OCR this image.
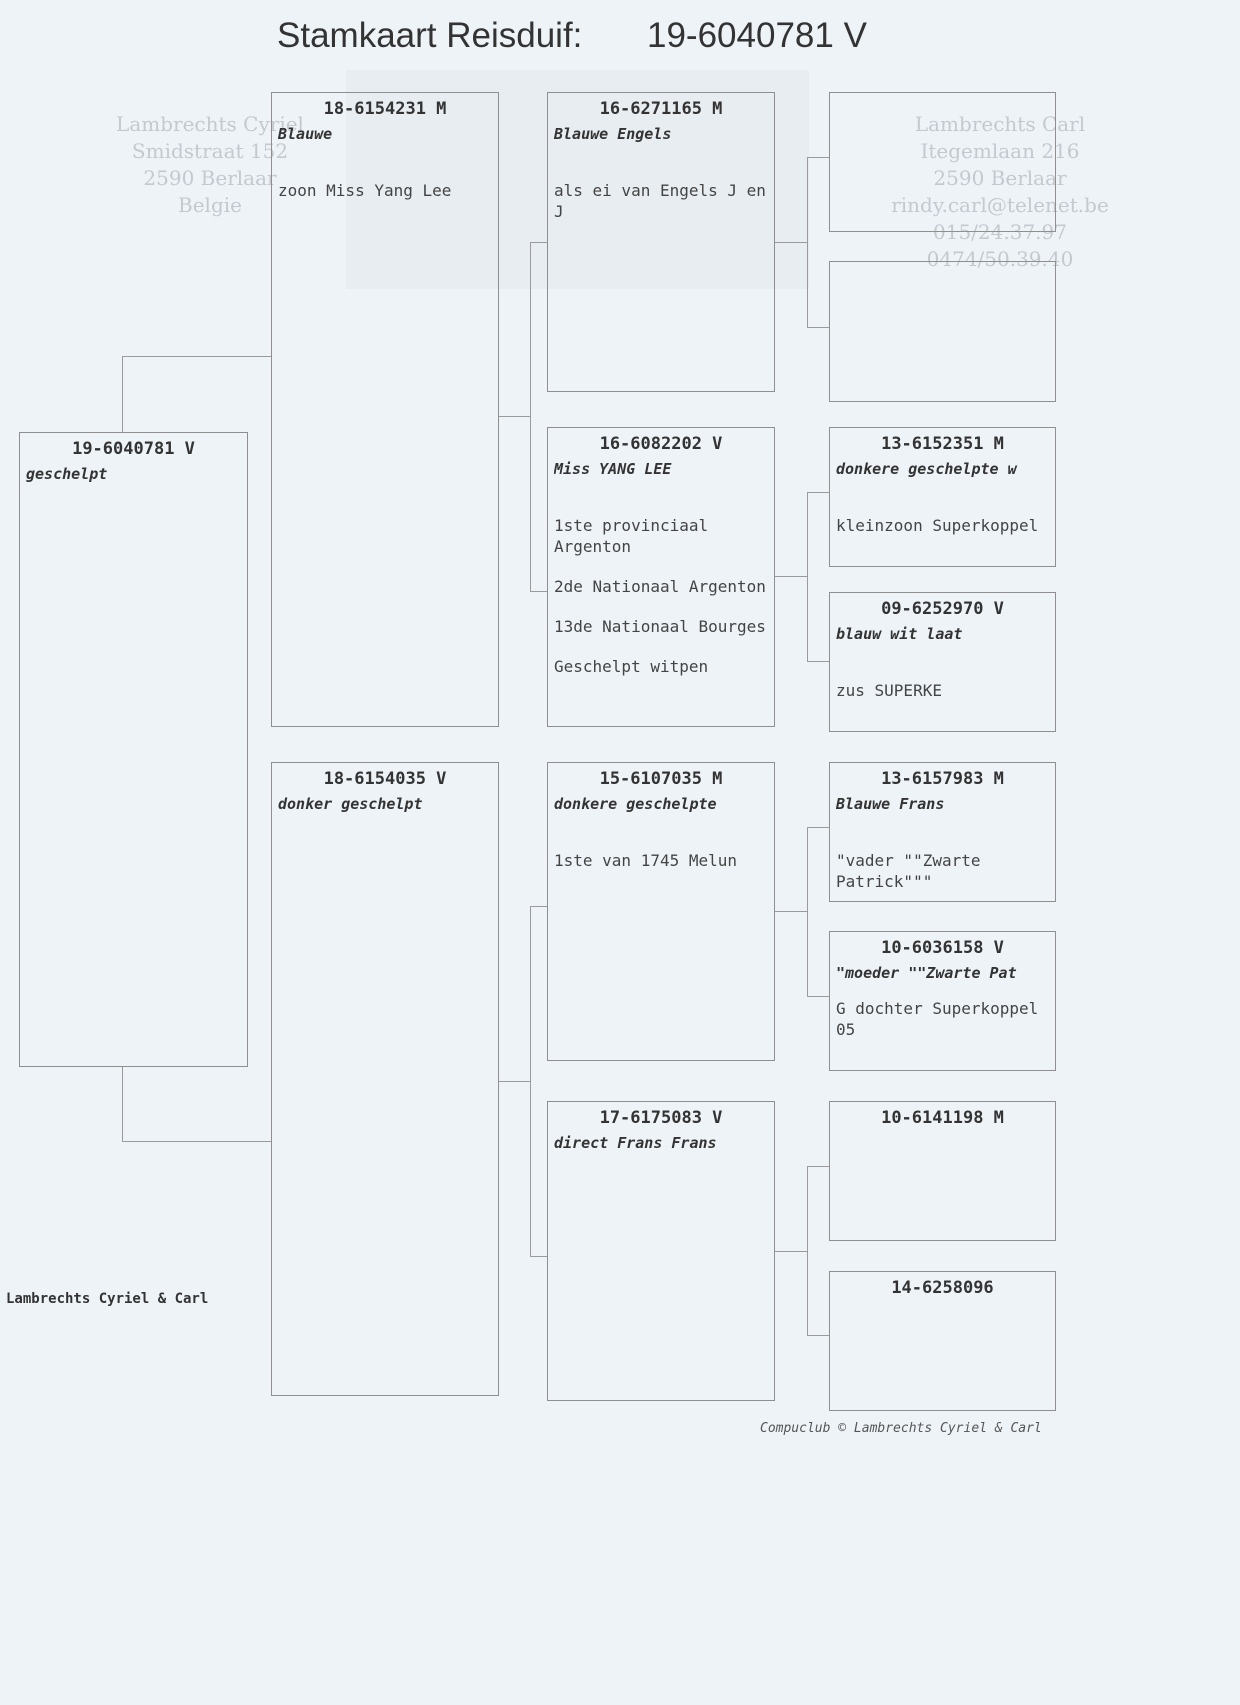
Lambrechts Cyriel
Smidstraat 152
2590 Berlaar
Belgie
Lambrechts Carl
Itegemlaan 216
2590 Berlaar
rindy.carl@telenet.be
015/24.37.97
0474/50.39.40
Stamkaart Reisduif: 19-6040781 V
19-6040781 V
geschelpt
18-6154231 M
Blauwe

zoon Miss Yang Lee

18-6154035 V
donker geschelpt
16-6271165 M
Blauwe Engels

als ei van Engels J en J

16-6082202 V
Miss YANG LEE

1ste provinciaal Argenton

2de Nationaal Argenton

13de Nationaal Bourges

Geschelpt witpen

15-6107035 M
donkere geschelpte

1ste van 1745 Melun

17-6175083 V
direct Frans Frans
13-6152351 M
donkere geschelpte w

kleinzoon Superkoppel

09-6252970 V
blauw wit laat

zus SUPERKE

13-6157983 M
Blauwe Frans

"vader ""Zwarte Patrick"""

10-6036158 V
"moeder ""Zwarte Pat

G dochter Superkoppel 05

10-6141198 M
14-6258096
Lambrechts Cyriel & Carl
Compuclub © Lambrechts Cyriel & Carl
